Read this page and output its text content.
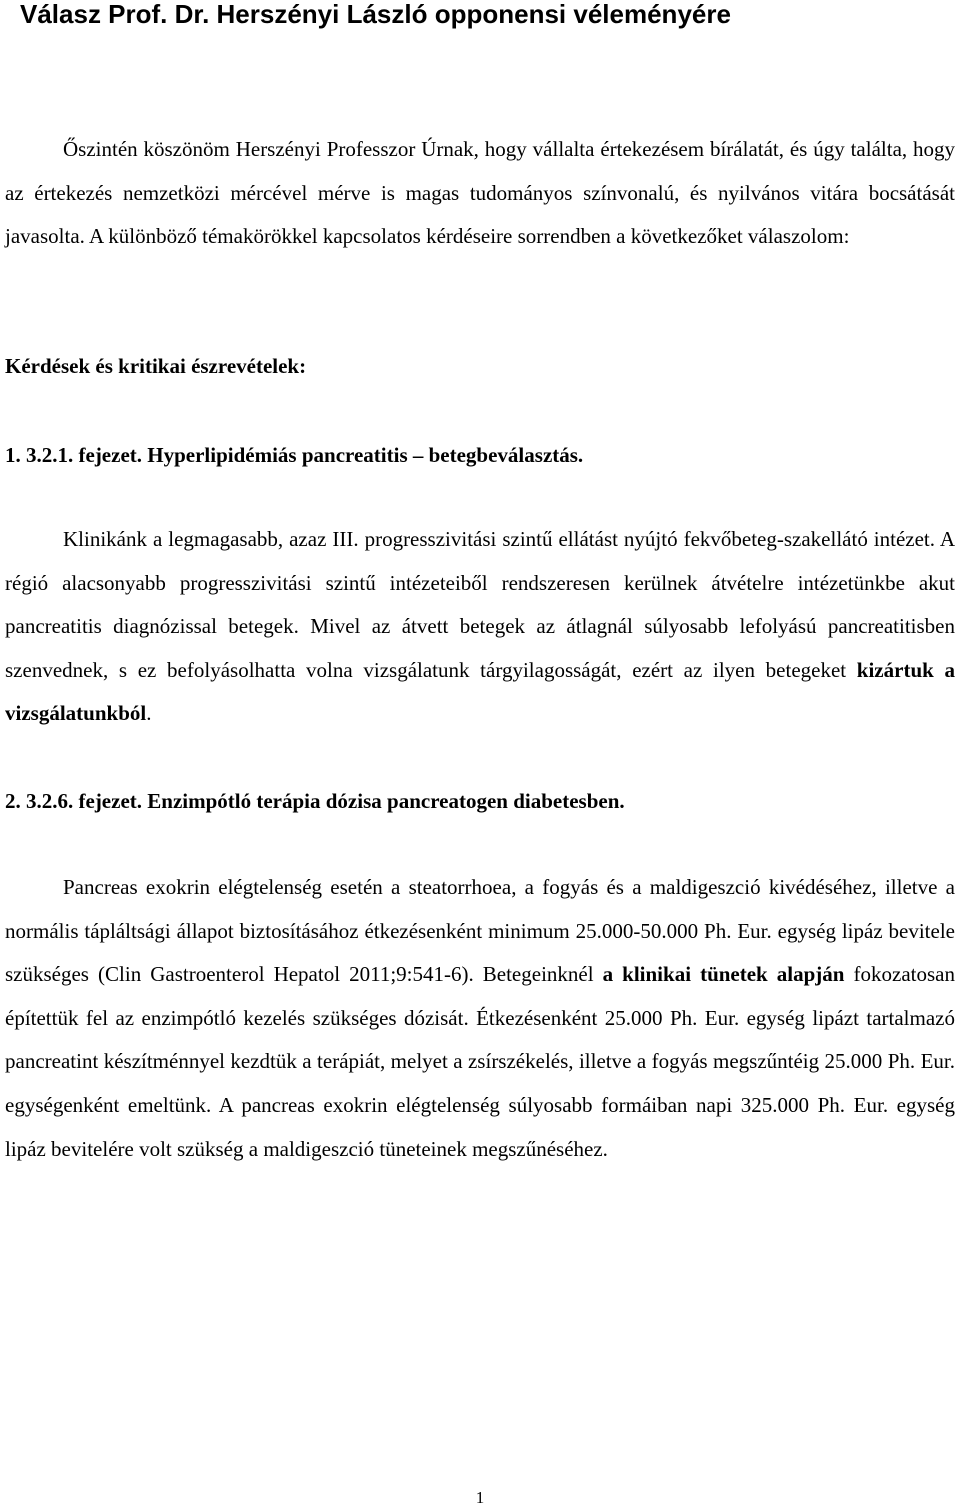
Válasz Prof. Dr. Herszényi László opponensi véleményére

Őszintén köszönöm Herszényi Professzor Úrnak, hogy vállalta értekezésem bírálatát, és úgy találta, hogy az értekezés nemzetközi mércével mérve is magas tudományos színvonalú, és nyilvános vitára bocsátását javasolta. A különböző témakörökkel kapcsolatos kérdéseire sorrendben a következőket válaszolom:

Kérdések és kritikai észrevételek:

1. 3.2.1. fejezet. Hyperlipidémiás pancreatitis – betegbeválasztás.

Klinikánk a legmagasabb, azaz III. progresszivitási szintű ellátást nyújtó fekvőbeteg-szakellátó intézet. A régió alacsonyabb progresszivitási szintű intézeteiből rendszeresen kerülnek átvételre intézetünkbe akut pancreatitis diagnózissal betegek. Mivel az átvett betegek az átlagnál súlyosabb lefolyású pancreatitisben szenvednek, s ez befolyásolhatta volna vizsgálatunk tárgyilagosságát, ezért az ilyen betegeket kizártuk a vizsgálatunkból.

2. 3.2.6. fejezet. Enzimpótló terápia dózisa pancreatogen diabetesben.

Pancreas exokrin elégtelenség esetén a steatorrhoea, a fogyás és a maldigeszció kivédéséhez, illetve a normális tápláltsági állapot biztosításához étkezésenként minimum 25.000-50.000 Ph. Eur. egység lipáz bevitele szükséges (Clin Gastroenterol Hepatol 2011;9:541-6). Betegeinknél a klinikai tünetek alapján fokozatosan építettük fel az enzimpótló kezelés szükséges dózisát. Étkezésenként 25.000 Ph. Eur. egység lipázt tartalmazó pancreatint készítménnyel kezdtük a terápiát, melyet a zsírszékelés, illetve a fogyás megszűntéig 25.000 Ph. Eur. egységenként emeltünk. A pancreas exokrin elégtelenség súlyosabb formáiban napi 325.000 Ph. Eur. egység lipáz bevitelére volt szükség a maldigeszció tüneteinek megszűnéséhez.

1
